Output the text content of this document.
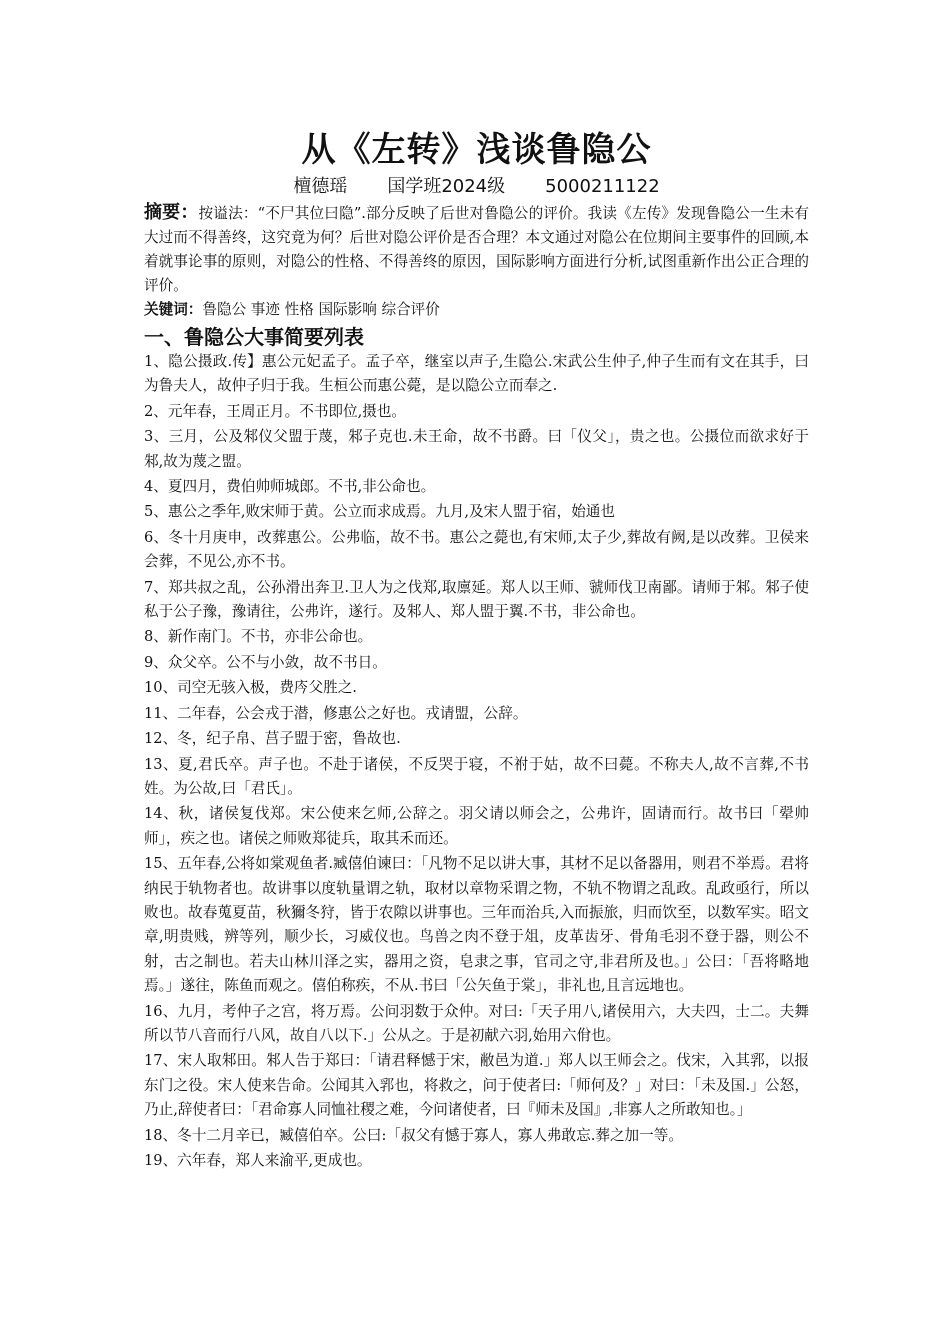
从《左转》浅谈鲁隐公
檀德瑶 国学班2024级 5000211122
摘要：按谥法：“不尸其位曰隐”.部分反映了后世对鲁隐公的评价。我读《左传》发现鲁隐公一生未有大过而不得善终，这究竟为何？后世对隐公评价是否合理？本文通过对隐公在位期间主要事件的回顾,本着就事论事的原则，对隐公的性格、不得善终的原因，国际影响方面进行分析,试图重新作出公正合理的评价。
关键词：鲁隐公 事迹 性格 国际影响 综合评价
一、鲁隐公大事简要列表
1、隐公摄政.传】惠公元妃孟子。孟子卒，继室以声子,生隐公.宋武公生仲子,仲子生而有文在其手，曰为鲁夫人，故仲子归于我。生桓公而惠公薨，是以隐公立而奉之.
2、元年春，王周正月。不书即位,摄也。
3、三月，公及邾仪父盟于蔑，邾子克也.未王命，故不书爵。曰「仪父」，贵之也。公摄位而欲求好于邾,故为蔑之盟。
4、夏四月，费伯帅师城郎。不书,非公命也。
5、惠公之季年,败宋师于黄。公立而求成焉。九月,及宋人盟于宿，始通也
6、冬十月庚申，改葬惠公。公弗临，故不书。惠公之薨也,有宋师,太子少,葬故有阙,是以改葬。卫侯来会葬，不见公,亦不书。
7、郑共叔之乱，公孙滑出奔卫.卫人为之伐郑,取廪延。郑人以王师、虢师伐卫南鄙。请师于邾。邾子使私于公子豫，豫请往，公弗许，遂行。及邾人、郑人盟于翼.不书，非公命也。
8、新作南门。不书，亦非公命也。
9、众父卒。公不与小敛，故不书日。
10、司空无骇入极，费庈父胜之.
11、二年春，公会戎于潜，修惠公之好也。戎请盟，公辞。
12、冬，纪子帛、莒子盟于密，鲁故也.
13、夏,君氏卒。声子也。不赴于诸侯，不反哭于寝，不祔于姑，故不曰薨。不称夫人,故不言葬,不书姓。为公故,曰「君氏」。
14、秋，诸侯复伐郑。宋公使来乞师,公辞之。羽父请以师会之，公弗许，固请而行。故书曰「翚帅师」，疾之也。诸侯之师败郑徒兵，取其禾而还。
15、五年春,公将如棠观鱼者.臧僖伯谏曰：「凡物不足以讲大事，其材不足以备器用，则君不举焉。君将纳民于轨物者也。故讲事以度轨量谓之轨，取材以章物采谓之物，不轨不物谓之乱政。乱政亟行，所以败也。故春蒐夏苗，秋獮冬狩，皆于农隙以讲事也。三年而治兵,入而振旅，归而饮至，以数军实。昭文章,明贵贱，辨等列，顺少长，习威仪也。鸟兽之肉不登于俎，皮革齿牙、骨角毛羽不登于器，则公不射，古之制也。若夫山林川泽之实，器用之资，皂隶之事，官司之守,非君所及也。」公曰：「吾将略地焉。」遂往，陈鱼而观之。僖伯称疾，不从.书曰「公矢鱼于棠」，非礼也,且言远地也。
16、九月，考仲子之宫，将万焉。公问羽数于众仲。对曰:「天子用八,诸侯用六，大夫四，士二。夫舞所以节八音而行八风，故自八以下.」公从之。于是初献六羽,始用六佾也。
17、宋人取邾田。邾人告于郑曰：「请君释憾于宋，敝邑为道.」郑人以王师会之。伐宋，入其郛，以报东门之役。宋人使来告命。公闻其入郛也，将救之，问于使者曰:「师何及？」对曰：「未及国.」公怒，乃止,辞使者曰：「君命寡人同恤社稷之难，今问诸使者，曰『师未及国』,非寡人之所敢知也。」
18、冬十二月辛已，臧僖伯卒。公曰:「叔父有憾于寡人，寡人弗敢忘.葬之加一等。
19、六年春，郑人来渝平,更成也。
